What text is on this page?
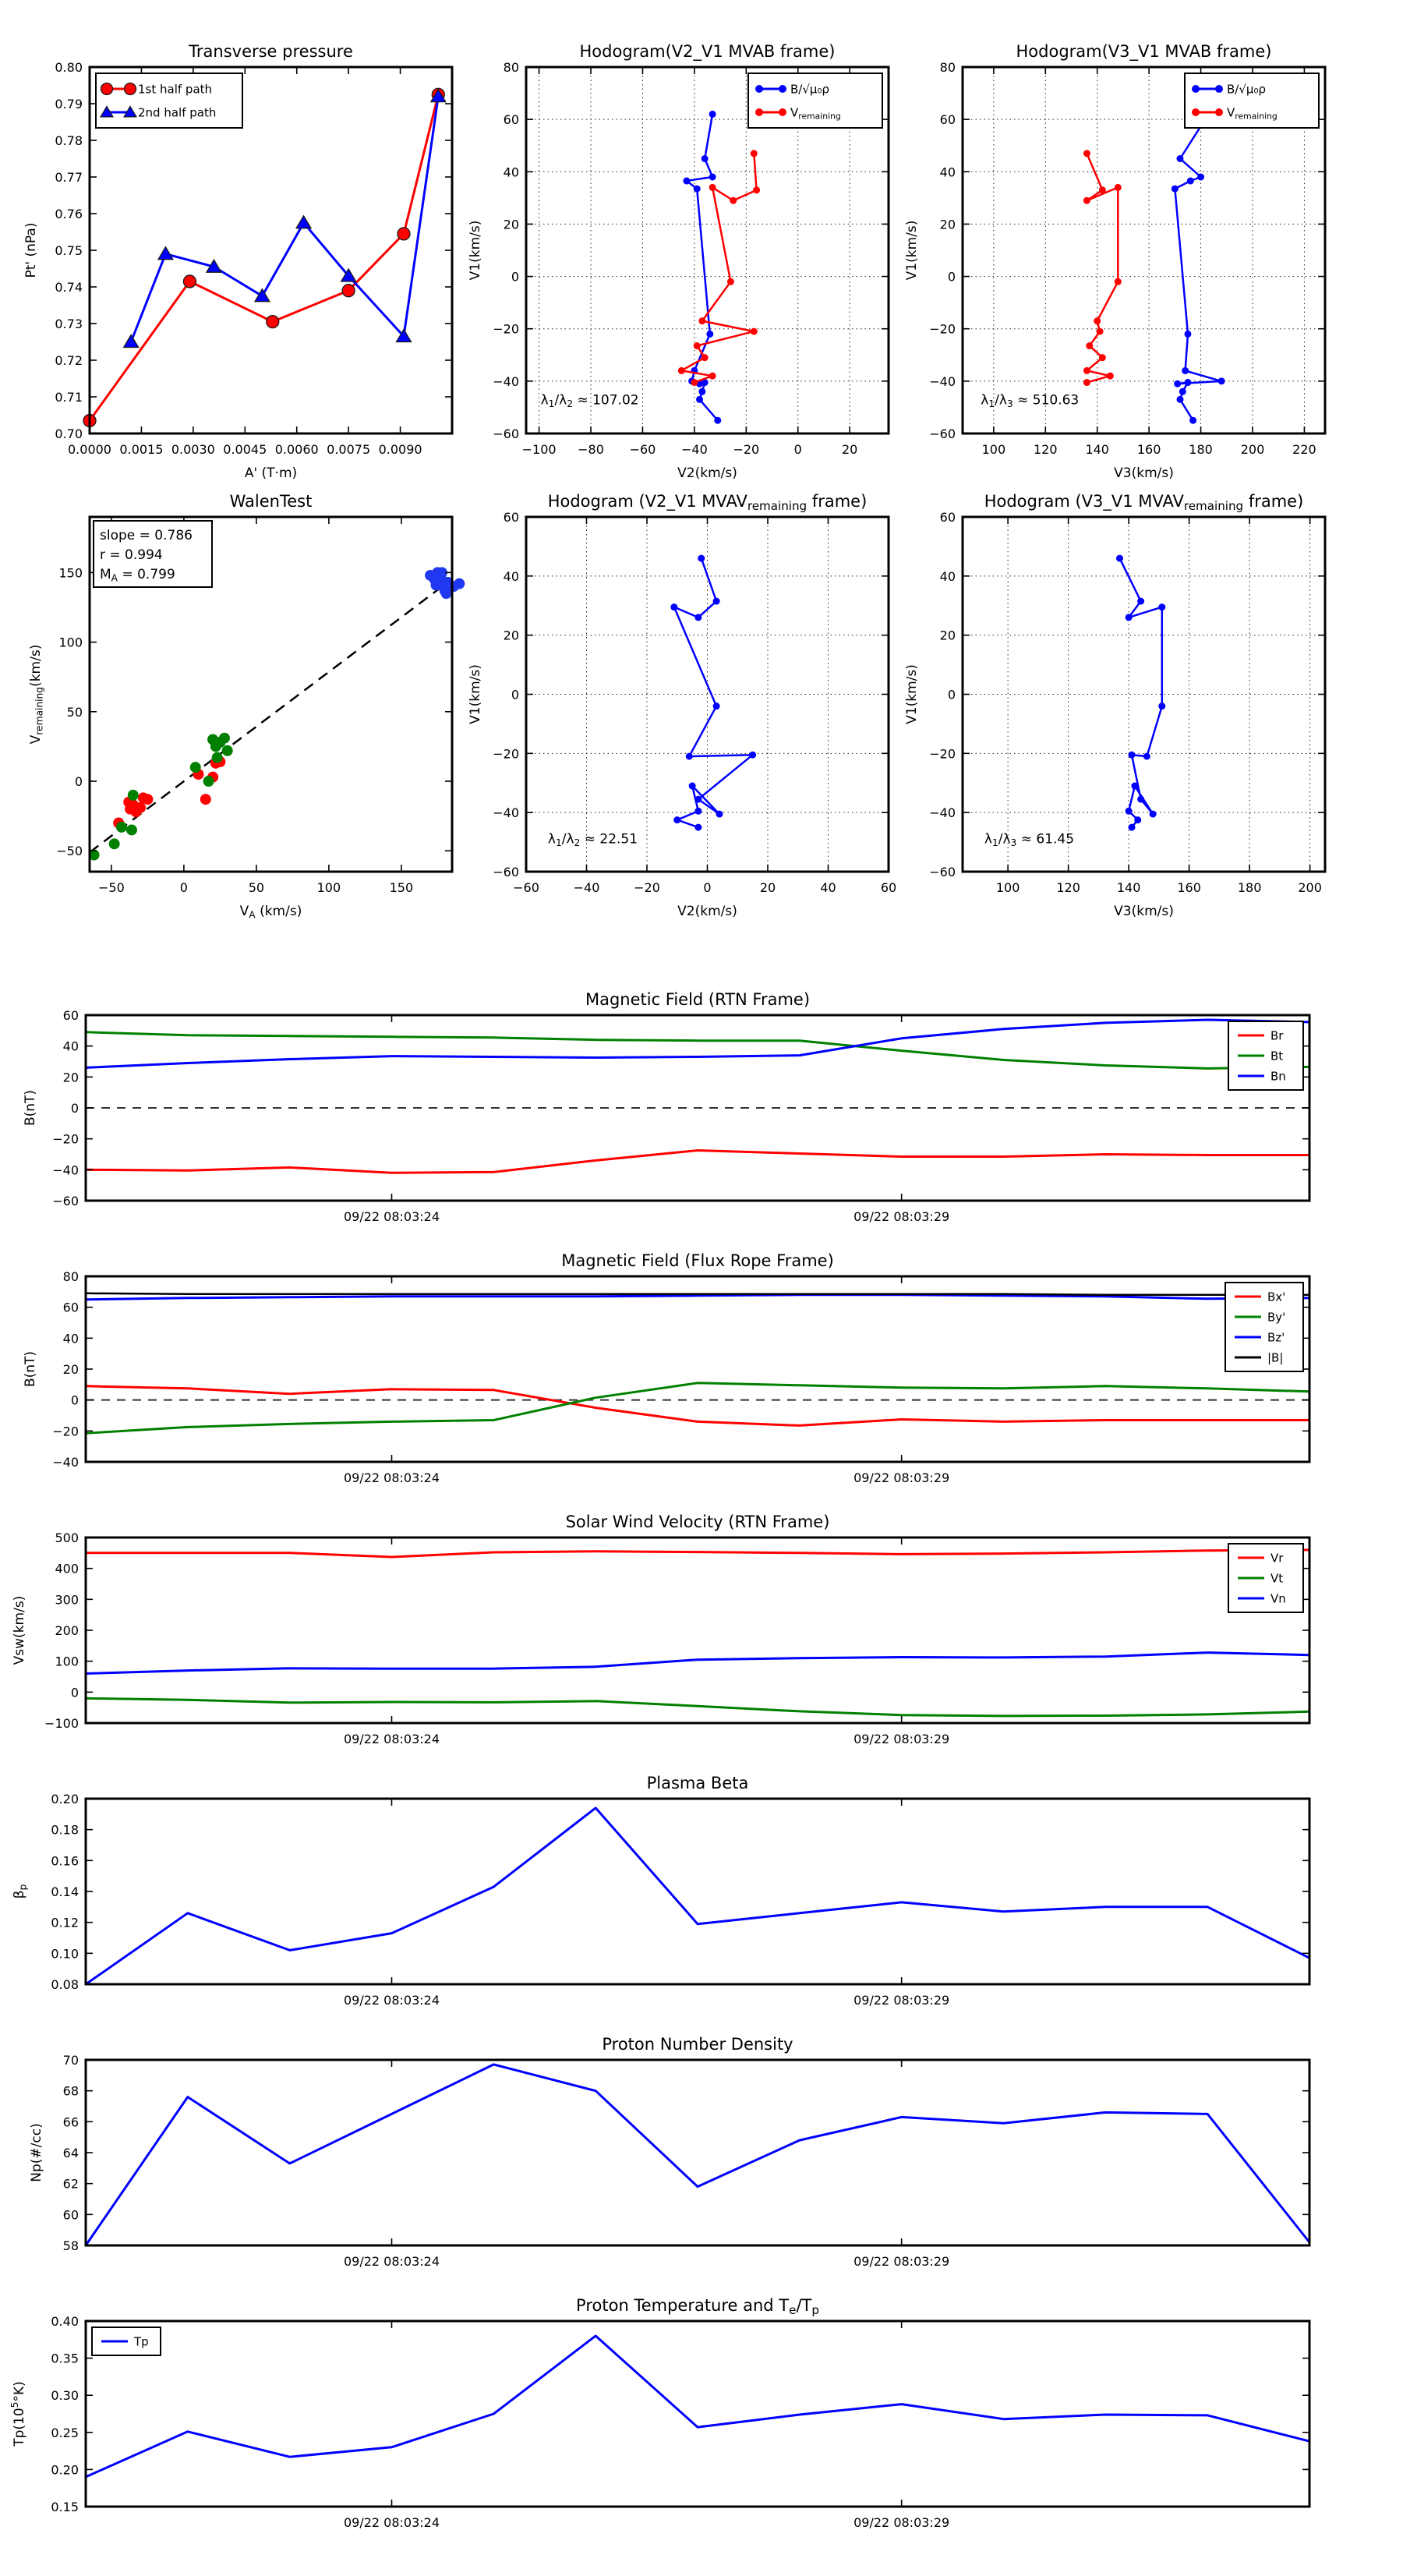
0.0000 0.0015 0.0030 0.0045 0.0060 0.0075 0.0090
0.70
0.71
0.72
0.73
0.74
0.75
0.76
0.77
0.78
0.79
0.80
Transverse pressure
A' (T·m)
Pt' (nPa)
1st half path
2nd half path
−100 −80 −60 −40 −20	0	20
−60
−40
−20
0
20
40
60
80
Hodogram(V2_V1 MVAB frame)
V2(km/s)
V1(km/s)
B/√μ₀ρ
$V_{remaining}$
$\lambda_1/\lambda_2 \approx 107.02$
100 120 140 160 180 200 220
−60
−40
−20
0
20
40
60
80
Hodogram(V3_V1 MVAB frame)
V3(km/s)
V1(km/s)
B/√μ₀ρ
$V_{remaining}$
$\lambda_1/\lambda_3 \approx 510.63$
−50	0	50	100	150
−50
0
50
100
150
WalenTest
$V_A$ (km/s)
$V_{remaining}(km/s)$
slope = 0.786
r = 0.994
$M_A = 0.799$
−60	−40	−20	0	20	40	60
−60
−40
−20
0
20
40
60
Hodogram (V2_V1 $MVAV_{remaining}$ frame)
V2(km/s)
V1(km/s)
$\lambda_1/\lambda_2 \approx 22.51$
100	120	140	160	180	200
−60
−40
−20
0
20
40
60
Hodogram (V3_V1 $MVAV_{remaining}$ frame)
V3(km/s)
V1(km/s)
$\lambda_1/\lambda_3 \approx 61.45$
09/22 08:03:24	09/22 08:03:29
−60
−40
−20
0
20
40
60
Magnetic Field (RTN Frame)
B(nT)
Br
Bt
Bn
09/22 08:03:24	09/22 08:03:29
−40
−20
0
20
40
60
80
Magnetic Field (Flux Rope Frame)
B(nT)
Bx'
By'
Bz'
|B|
09/22 08:03:24	09/22 08:03:29
−100
0
100
200
300
400
500
Solar Wind Velocity (RTN Frame)
Vsw(km/s)
Vr
Vt
Vn
09/22 08:03:24	09/22 08:03:29
0.08
0.10
0.12
0.14
0.16
0.18
0.20
Plasma Beta
$\beta_p$
09/22 08:03:24	09/22 08:03:29
58
60
62
64
66
68
70
Proton Number Density
Np(#/cc)
09/22 08:03:24	09/22 08:03:29
0.15
0.20
0.25
0.30
0.35
0.40
Proton Temperature and $T_e/T_p$
$Tp(10^5^\circ K)$
Tp
